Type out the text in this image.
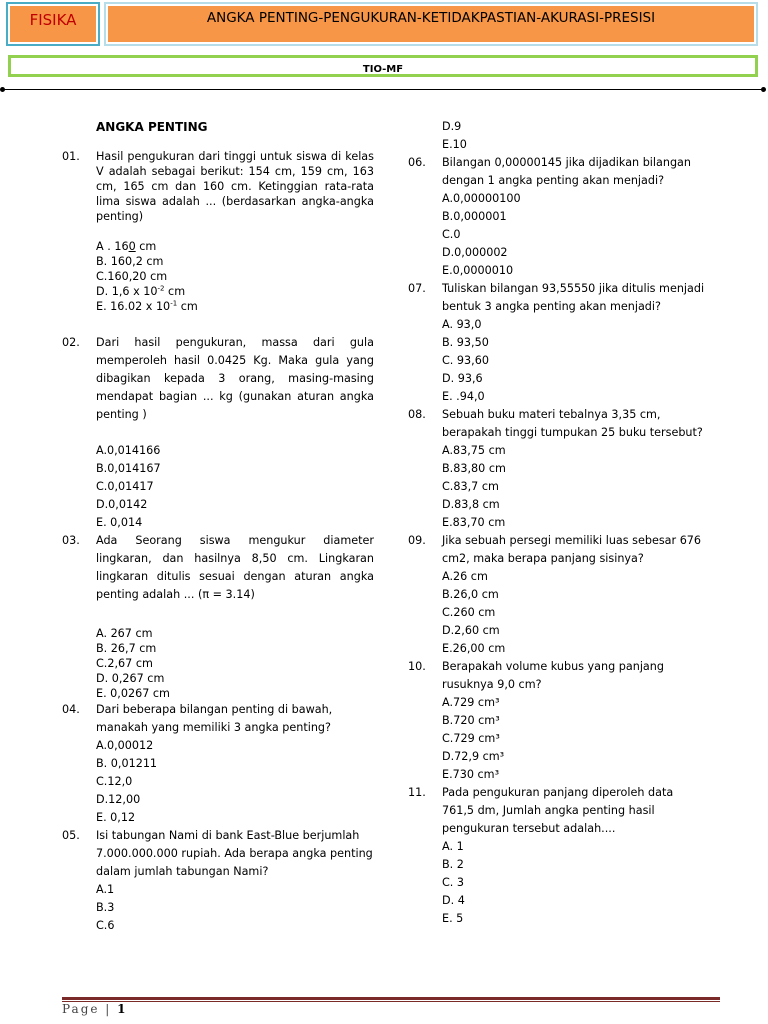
FISIKA	ANGKA PENTING-PENGUKURAN-KETIDAKPASTIAN-AKURASI-PRESISI
TIO-MF
ANGKA PENTING
01. Hasil pengukuran dari tinggi untuk siswa di kelas V adalah sebagai berikut: 154 cm, 159 cm, 163 cm, 165 cm dan 160 cm. Ketinggian rata-rata lima siswa adalah ... (berdasarkan angka-angka penting)
A . 160 cm
B. 160,2 cm
C.160,20 cm
D. 1,6 x $10^{-2}$ cm
E. 16.02 x $10^{-1}$ cm
02. Dari hasil pengukuran, massa dari gula memperoleh hasil 0.0425 Kg. Maka gula yang dibagikan kepada 3 orang, masing-masing mendapat bagian ... kg (gunakan aturan angka penting )
A.0,014166
B.0,014167
C.0,01417
D.0,0142
E. 0,014
03. Ada Seorang siswa mengukur diameter lingkaran, dan hasilnya 8,50 cm. Lingkaran lingkaran ditulis sesuai dengan aturan angka penting adalah ... (π = 3.14)
A. 267 cm
B. 26,7 cm
C.2,67 cm
D. 0,267 cm
E. 0,0267 cm
04. Dari beberapa bilangan penting di bawah, manakah yang memiliki 3 angka penting?
A.0,00012
B. 0,01211
C.12,0
D.12,00
E. 0,12
05. Isi tabungan Nami di bank East-Blue berjumlah 7.000.000.000 rupiah. Ada berapa angka penting dalam jumlah tabungan Nami?
A.1
B.3
C.6
D.9
E.10
06. Bilangan 0,00000145 jika dijadikan bilangan dengan 1 angka penting akan menjadi?
A.0,00000100
B.0,000001
C.0
D.0,000002
E.0,0000010
07. Tuliskan bilangan 93,55550 jika ditulis menjadi bentuk 3 angka penting akan menjadi?
A. 93,0
B. 93,50
C. 93,60
D. 93,6
E. .94,0
08. Sebuah buku materi tebalnya 3,35 cm, berapakah tinggi tumpukan 25 buku tersebut?
A.83,75 cm
B.83,80 cm
C.83,7 cm
D.83,8 cm
E.83,70 cm
09. Jika sebuah persegi memiliki luas sebesar 676 cm2, maka berapa panjang sisinya?
A.26 cm
B.26,0 cm
C.260 cm
D.2,60 cm
E.26,00 cm
10. Berapakah volume kubus yang panjang rusuknya 9,0 cm?
A.729 cm³
B.720 cm³
C.729 cm³
D.72,9 cm³
E.730 cm³
11. Pada pengukuran panjang diperoleh data 761,5 dm, Jumlah angka penting hasil pengukuran tersebut adalah....
A. 1
B. 2
C. 3
D. 4
E. 5
Page | 1
